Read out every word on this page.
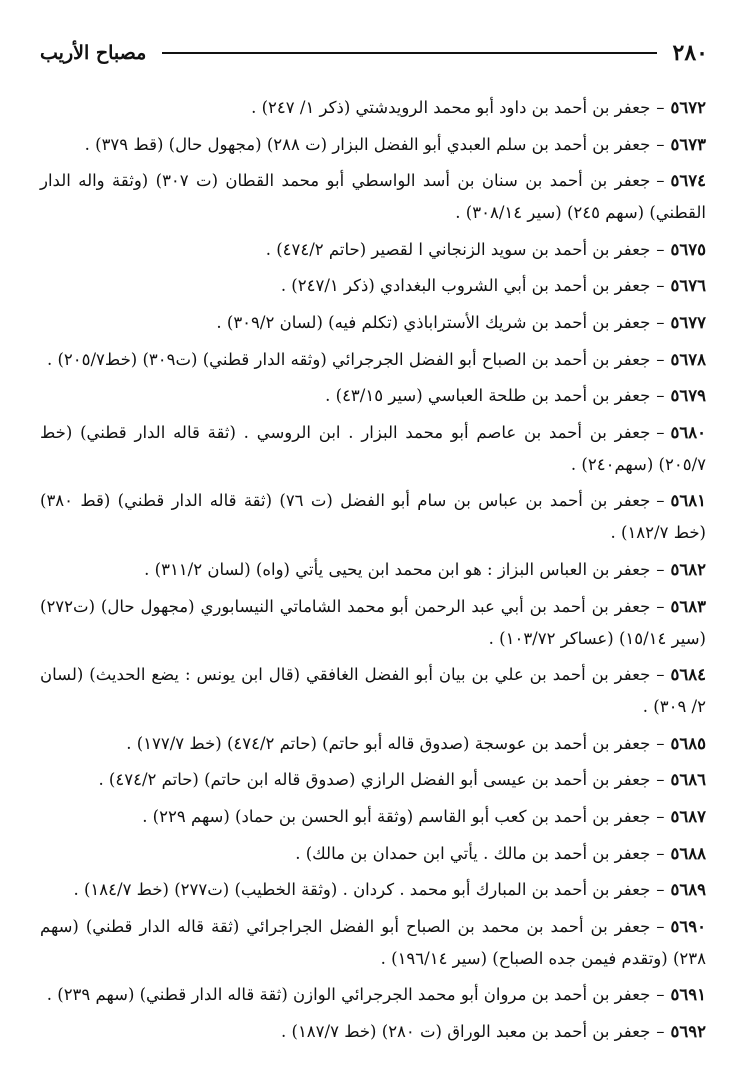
٢٨٠
مصباح الأريب

٥٦٧٢–جعفر بن أحمد بن داود أبو محمد الرويدشتي (ذكر ١/ ٢٤٧) .

٥٦٧٣–جعفر بن أحمد بن سلم العبدي أبو الفضل البزار (ت ٢٨٨) (مجهول حال) (قط ٣٧٩) .

٥٦٧٤–جعفر بن أحمد بن سنان بن أسد الواسطي أبو محمد القطان (ت ٣٠٧) (وثقة واله الدار القطني) (سهم ٢٤٥) (سير ٣٠٨/١٤) .

٥٦٧٥–جعفر بن أحمد بن سويد الزنجاني ا لقصير (حاتم ٤٧٤/٢) .

٥٦٧٦–جعفر بن أحمد بن أبي الشروب البغدادي (ذكر ٢٤٧/١) .

٥٦٧٧–جعفر بن أحمد بن شريك الأستراباذي (تكلم فيه) (لسان ٣٠٩/٢) .

٥٦٧٨–جعفر بن أحمد بن الصباح أبو الفضل الجرجرائي (وثقه الدار قطني) (ت٣٠٩) (خط٢٠٥/٧) .

٥٦٧٩–جعفر بن أحمد بن طلحة العباسي (سير ٤٣/١٥) .

٥٦٨٠–جعفر بن أحمد بن عاصم أبو محمد البزار . ابن الروسي . (ثقة قاله الدار قطني) (خط ٢٠٥/٧) (سهم٢٤٠) .

٥٦٨١–جعفر بن أحمد بن عباس بن سام أبو الفضل (ت ٧٦) (ثقة قاله الدار قطني) (قط ٣٨٠) (خط ١٨٢/٧) .

٥٦٨٢–جعفر بن العباس البزاز : هو ابن محمد ابن يحيى يأتي (واه) (لسان ٣١١/٢) .

٥٦٨٣–جعفر بن أحمد بن أبي عبد الرحمن أبو محمد الشاماتي النيسابوري (مجهول حال) (ت٢٧٢) (سير ١٥/١٤) (عساكر ١٠٣/٧٢) .

٥٦٨٤–جعفر بن أحمد بن علي بن بيان أبو الفضل الغافقي (قال ابن يونس : يضع الحديث) (لسان ٢/ ٣٠٩) .

٥٦٨٥–جعفر بن أحمد بن عوسجة (صدوق قاله أبو حاتم) (حاتم ٤٧٤/٢) (خط ١٧٧/٧) .

٥٦٨٦–جعفر بن أحمد بن عيسى أبو الفضل الرازي (صدوق قاله ابن حاتم) (حاتم ٤٧٤/٢) .

٥٦٨٧–جعفر بن أحمد بن كعب أبو القاسم (وثقة أبو الحسن بن حماد) (سهم ٢٢٩) .

٥٦٨٨–جعفر بن أحمد بن مالك . يأتي ابن حمدان بن مالك) .

٥٦٨٩–جعفر بن أحمد بن المبارك أبو محمد . كردان . (وثقة الخطيب) (ت٢٧٧) (خط ١٨٤/٧) .

٥٦٩٠–جعفر بن أحمد بن محمد بن الصباح أبو الفضل الجراجرائي (ثقة قاله الدار قطني) (سهم ٢٣٨) (وتقدم فيمن جده الصباح) (سير ١٩٦/١٤) .

٥٦٩١–جعفر بن أحمد بن مروان أبو محمد الجرجرائي الوازن (ثقة قاله الدار قطني) (سهم ٢٣٩) .

٥٦٩٢–جعفر بن أحمد بن معبد الوراق (ت ٢٨٠) (خط ١٨٧/٧) .
